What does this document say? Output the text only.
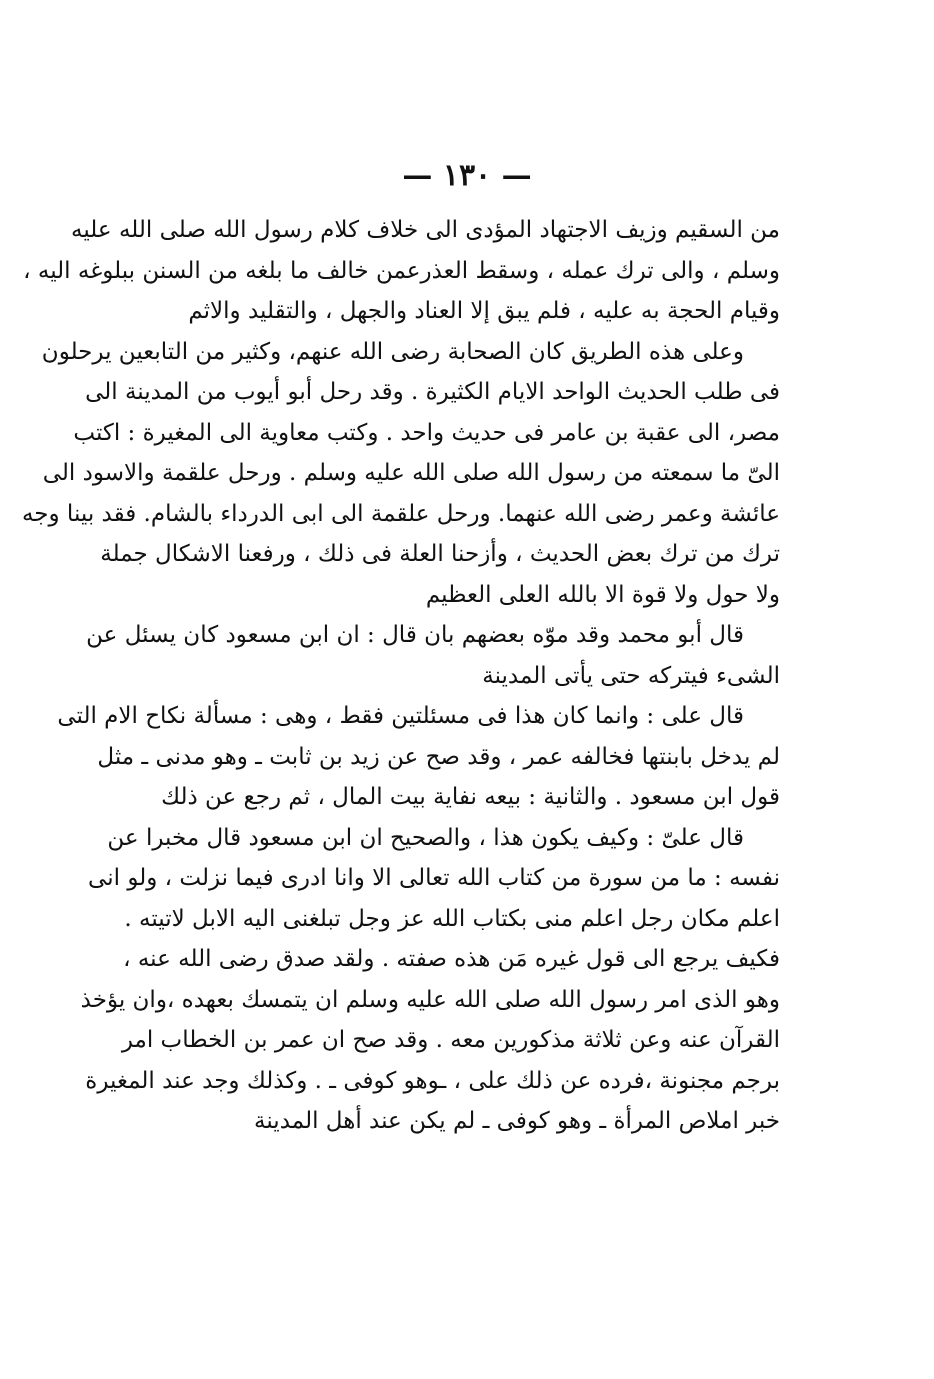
— ١٣٠ —
من السقيم وزيف الاجتهاد المؤدى الى خلاف كلام رسول الله صلى الله عليه
وسلم ، والى ترك عمله ، وسقط العذرعمن خالف ما بلغه من السنن ببلوغه اليه ،
وقيام الحجة به عليه ، فلم يبق إلا العناد والجهل ، والتقليد والاثم
وعلى هذه الطريق كان الصحابة رضى الله عنهم، وكثير من التابعين يرحلون
فى طلب الحديث الواحد الايام الكثيرة . وقد رحل أبو أيوب من المدينة الى
مصر، الى عقبة بن عامر فى حديث واحد . وكتب معاوية الى المغيرة : اكتب
الىّ ما سمعته من رسول الله صلى الله عليه وسلم . ورحل علقمة والاسود الى
عائشة وعمر رضى الله عنهما. ورحل علقمة الى ابى الدرداء بالشام. فقد بينا وجه
ترك من ترك بعض الحديث ، وأزحنا العلة فى ذلك ، ورفعنا الاشكال جملة
ولا حول ولا قوة الا بالله العلى العظيم
قال أبو محمد وقد موّه بعضهم بان قال : ان ابن مسعود كان يسئل عن
الشىء فيتركه حتى يأتى المدينة
قال على : وانما كان هذا فى مسئلتين فقط ، وهى : مسألة نكاح الام التى
لم يدخل بابنتها فخالفه عمر ، وقد صح عن زيد بن ثابت ـ وهو مدنى ـ مثل
قول ابن مسعود . والثانية : بيعه نفاية بيت المال ، ثم رجع عن ذلك
قال علىّ : وكيف يكون هذا ، والصحيح ان ابن مسعود قال مخبرا عن
نفسه : ما من سورة من كتاب الله تعالى الا وانا ادرى فيما نزلت ، ولو انى
اعلم مكان رجل اعلم منى بكتاب الله عز وجل تبلغنى اليه الابل لاتيته .
فكيف يرجع الى قول غيره مَن هذه صفته . ولقد صدق رضى الله عنه ،
وهو الذى امر رسول الله صلى الله عليه وسلم ان يتمسك بعهده ،وان يؤخذ
القرآن عنه وعن ثلاثة مذكورين معه . وقد صح ان عمر بن الخطاب امر
برجم مجنونة ،فرده عن ذلك على ، ـوهو كوفى ـ . وكذلك وجد عند المغيرة
خبر املاص المرأة ـ وهو كوفى ـ لم يكن عند أهل المدينة
